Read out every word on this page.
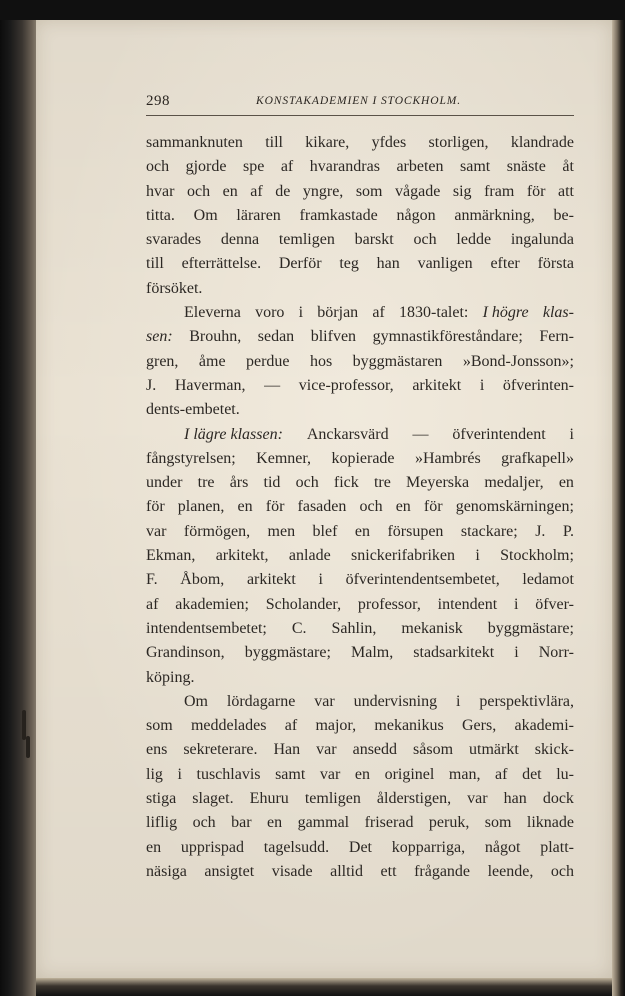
298	KONSTAKADEMIEN I STOCKHOLM.
sammanknuten till kikare, yfdes storligen, klandrade
och gjorde spe af hvarandras arbeten samt snäste åt
hvar och en af de yngre, som vågade sig fram för att
titta. Om läraren framkastade någon anmärkning, be-
svarades denna temligen barskt och ledde ingalunda
till efterrättelse. Derför teg han vanligen efter första
försöket.
Eleverna voro i början af 1830-talet: I högre klas-
sen: Brouhn, sedan blifven gymnastikföreståndare; Fern-
gren, åme perdue hos byggmästaren »Bond-Jonsson»;
J. Haverman, — vice-professor, arkitekt i öfverinten-
dents-embetet.
I lägre klassen: Anckarsvärd — öfverintendent i
fångstyrelsen; Kemner, kopierade »Hambrés grafkapell»
under tre års tid och fick tre Meyerska medaljer, en
för planen, en för fasaden och en för genomskärningen;
var förmögen, men blef en försupen stackare; J. P.
Ekman, arkitekt, anlade snickerifabriken i Stockholm;
F. Åbom, arkitekt i öfverintendentsembetet, ledamot
af akademien; Scholander, professor, intendent i öfver-
intendentsembetet; C. Sahlin, mekanisk byggmästare;
Grandinson, byggmästare; Malm, stadsarkitekt i Norr-
köping.
Om lördagarne var undervisning i perspektivlära,
som meddelades af major, mekanikus Gers, akademi-
ens sekreterare. Han var ansedd såsom utmärkt skick-
lig i tuschlavis samt var en originel man, af det lu-
stiga slaget. Ehuru temligen ålderstigen, var han dock
liflig och bar en gammal friserad peruk, som liknade
en upprispad tagelsudd. Det kopparriga, något platt-
näsiga ansigtet visade alltid ett frågande leende, och
